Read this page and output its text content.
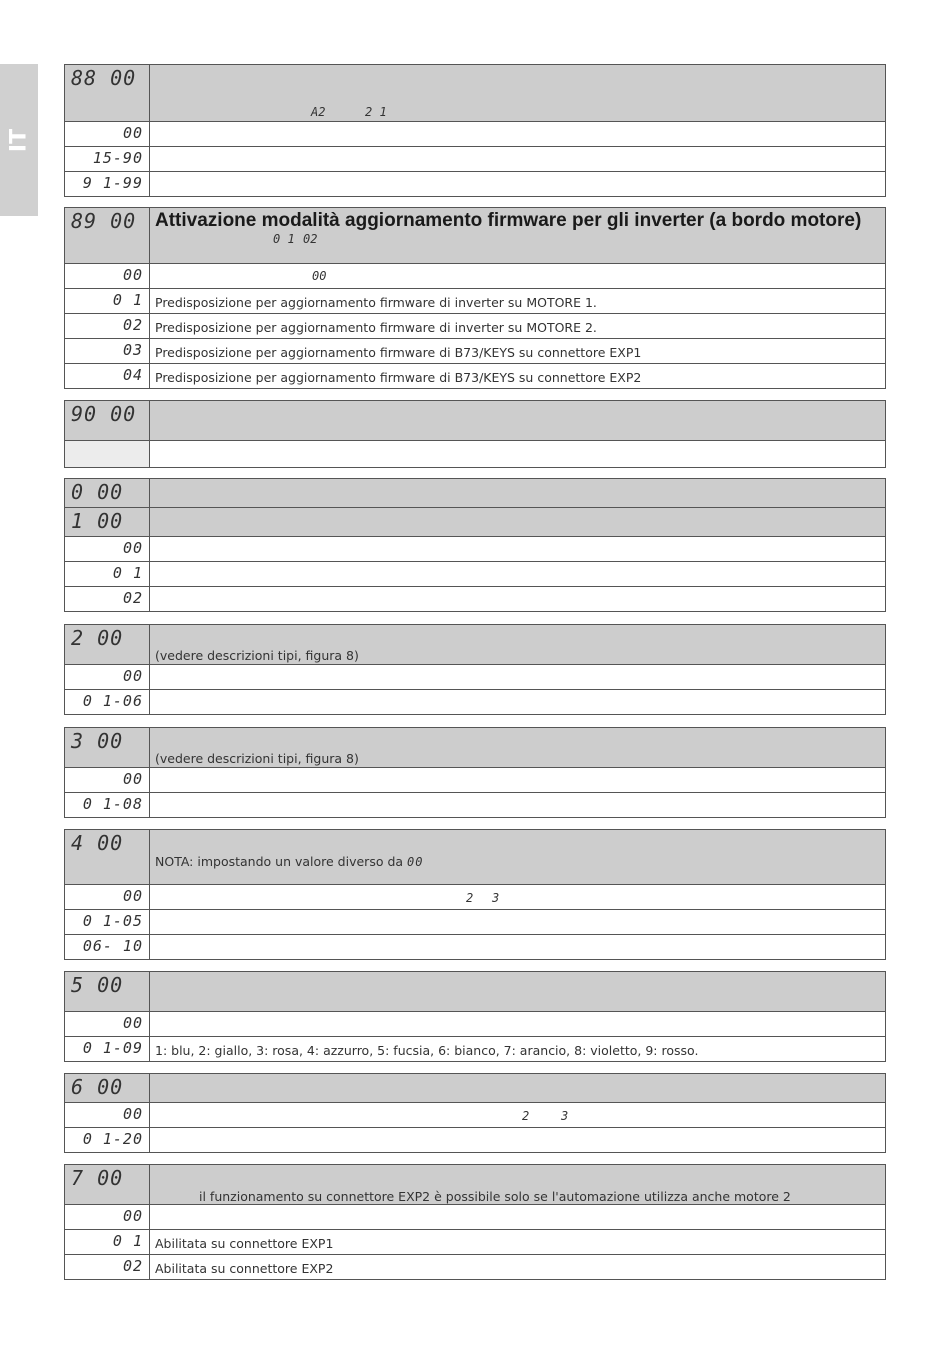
IT
88 00	A2 2 1

00	

15-90	

9 1-99	

89 00	Attivazione modalità aggiornamento firmware per gli inverter (a bordo motore)
0 1 02

00	00

0 1	Predisposizione per aggiornamento firmware di inverter su MOTORE 1.

02	Predisposizione per aggiornamento firmware di inverter su MOTORE 2.

03	Predisposizione per aggiornamento firmware di B73/KEYS su connettore EXP1

04	Predisposizione per aggiornamento firmware di B73/KEYS su connettore EXP2
90 00	

0 00	

1 00	

00	

0 1	

02	

2 00	(vedere descrizioni tipi, figura 8)

00	

0 1-06	

3 00	(vedere descrizioni tipi, figura 8)

00	

0 1-08	

4 00	NOTA: impostando un valore diverso da 00

00	2 3

0 1-05	

06- 10	

5 00	

00	

0 1-09	1: blu, 2: giallo, 3: rosa, 4: azzurro, 5: fucsia, 6: bianco, 7: arancio, 8: violetto, 9: rosso.
6 00	

00	2 3

0 1-20	

7 00	il funzionamento su connettore EXP2 è possibile solo se l'automazione utilizza anche motore 2

00	

0 1	Abilitata su connettore EXP1

02	Abilitata su connettore EXP2
